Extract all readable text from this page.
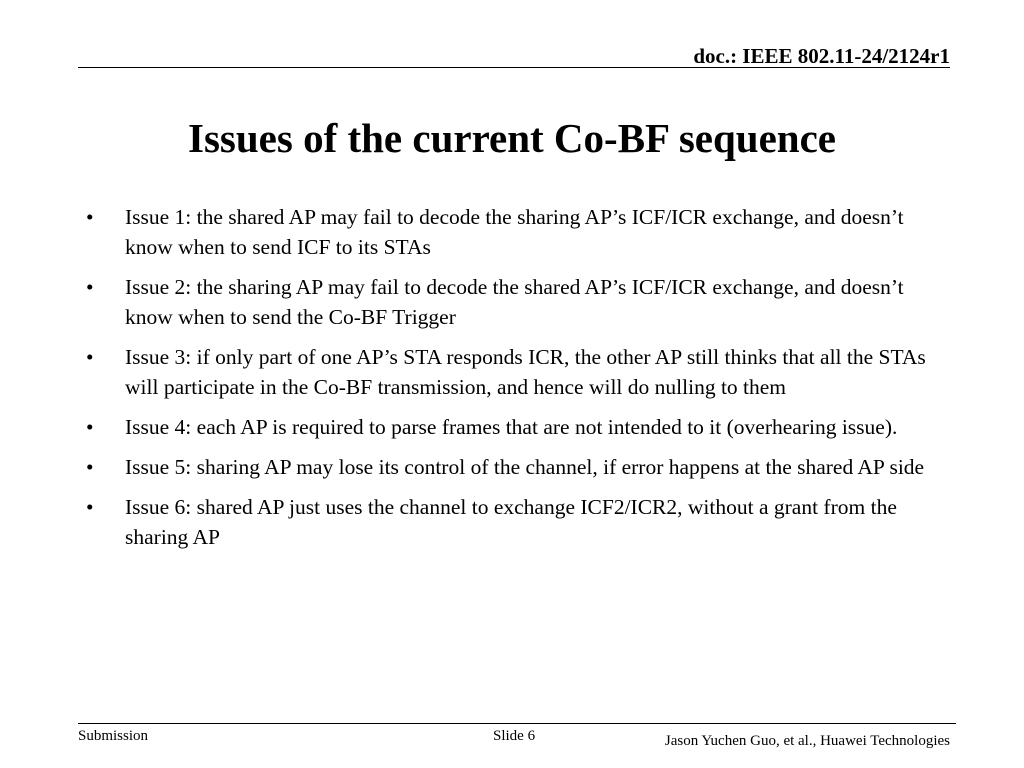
doc.: IEEE 802.11-24/2124r1
Issues of the current Co-BF sequence
•	Issue 1: the shared AP may fail to decode the sharing AP’s ICF/ICR exchange, and doesn’t know when to send ICF to its STAs
•	Issue 2: the sharing AP may fail to decode the shared AP’s ICF/ICR exchange, and doesn’t know when to send the Co-BF Trigger
•	Issue 3: if only part of one AP’s STA responds ICR, the other AP still thinks that all the STAs will participate in the Co-BF transmission, and hence will do nulling to them
•	Issue 4: each AP is required to parse frames that are not intended to it (overhearing issue).
•	Issue 5: sharing AP may lose its control of the channel, if error happens at the shared AP side
•	Issue 6: shared AP just uses the channel to exchange ICF2/ICR2, without a grant from the sharing AP
Submission	Slide 6	Jason Yuchen Guo, et al., Huawei Technologies
